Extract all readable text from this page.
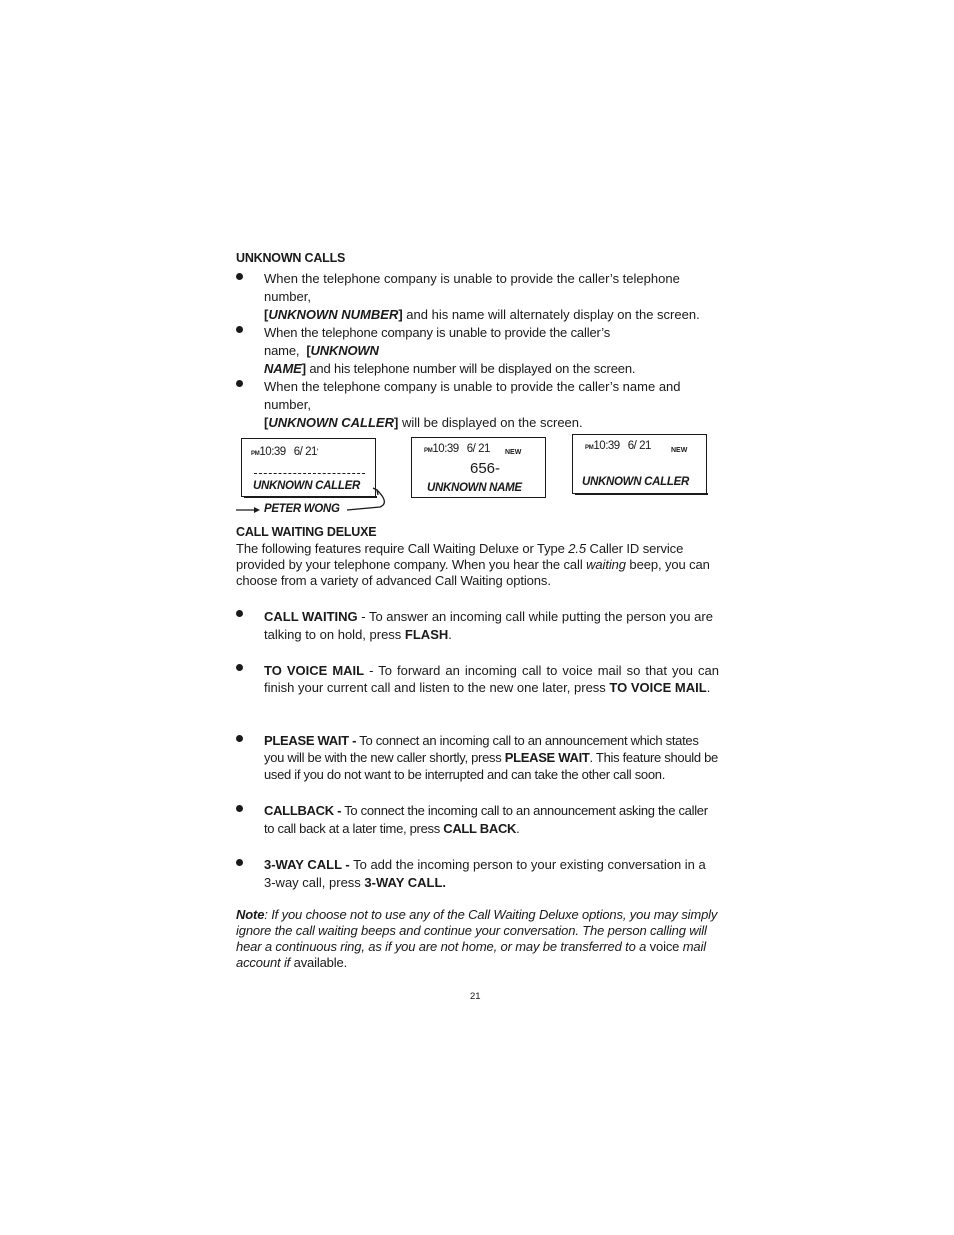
UNKNOWN CALLS
When the telephone company is unable to provide the caller’s telephone number,
[UNKNOWN NUMBER] and his name will alternately display on the screen.
When the telephone company is unable to provide the caller’s name, [UNKNOWN
NAME] and his telephone number will be displayed on the screen.
When the telephone company is unable to provide the caller’s name and number,
[UNKNOWN CALLER] will be displayed on the screen.
PM10:39 6/ 21'
UNKNOWN CALLER
PETER WONG
PM10:39 6/ 21 NEW
656-
UNKNOWN NAME
PM10:39 6/ 21	NEW
UNKNOWN CALLER
CALL WAITING DELUXE
The following features require Call Waiting Deluxe or Type 2.5 Caller ID service provided by your telephone company. When you hear the call waiting beep, you can choose from a variety of advanced Call Waiting options.
CALL WAITING - To answer an incoming call while putting the person you are talking to on hold, press FLASH.
TO VOICE MAIL - To forward an incoming call to voice mail so that you can finish your current call and listen to the new one later, press TO VOICE MAIL.
PLEASE WAIT - To connect an incoming call to an announcement which states you will be with the new caller shortly, press PLEASE WAIT. This feature should be used if you do not want to be interrupted and can take the other call soon.
CALLBACK - To connect the incoming call to an announcement asking the caller to call back at a later time, press CALL BACK.
3-WAY CALL - To add the incoming person to your existing conversation in a 3-way call, press 3-WAY CALL.
Note: If you choose not to use any of the Call Waiting Deluxe options, you may simply ignore the call waiting beeps and continue your conversation. The person calling will hear a continuous ring, as if you are not home, or may be transferred to a voice mail account if available.
21
